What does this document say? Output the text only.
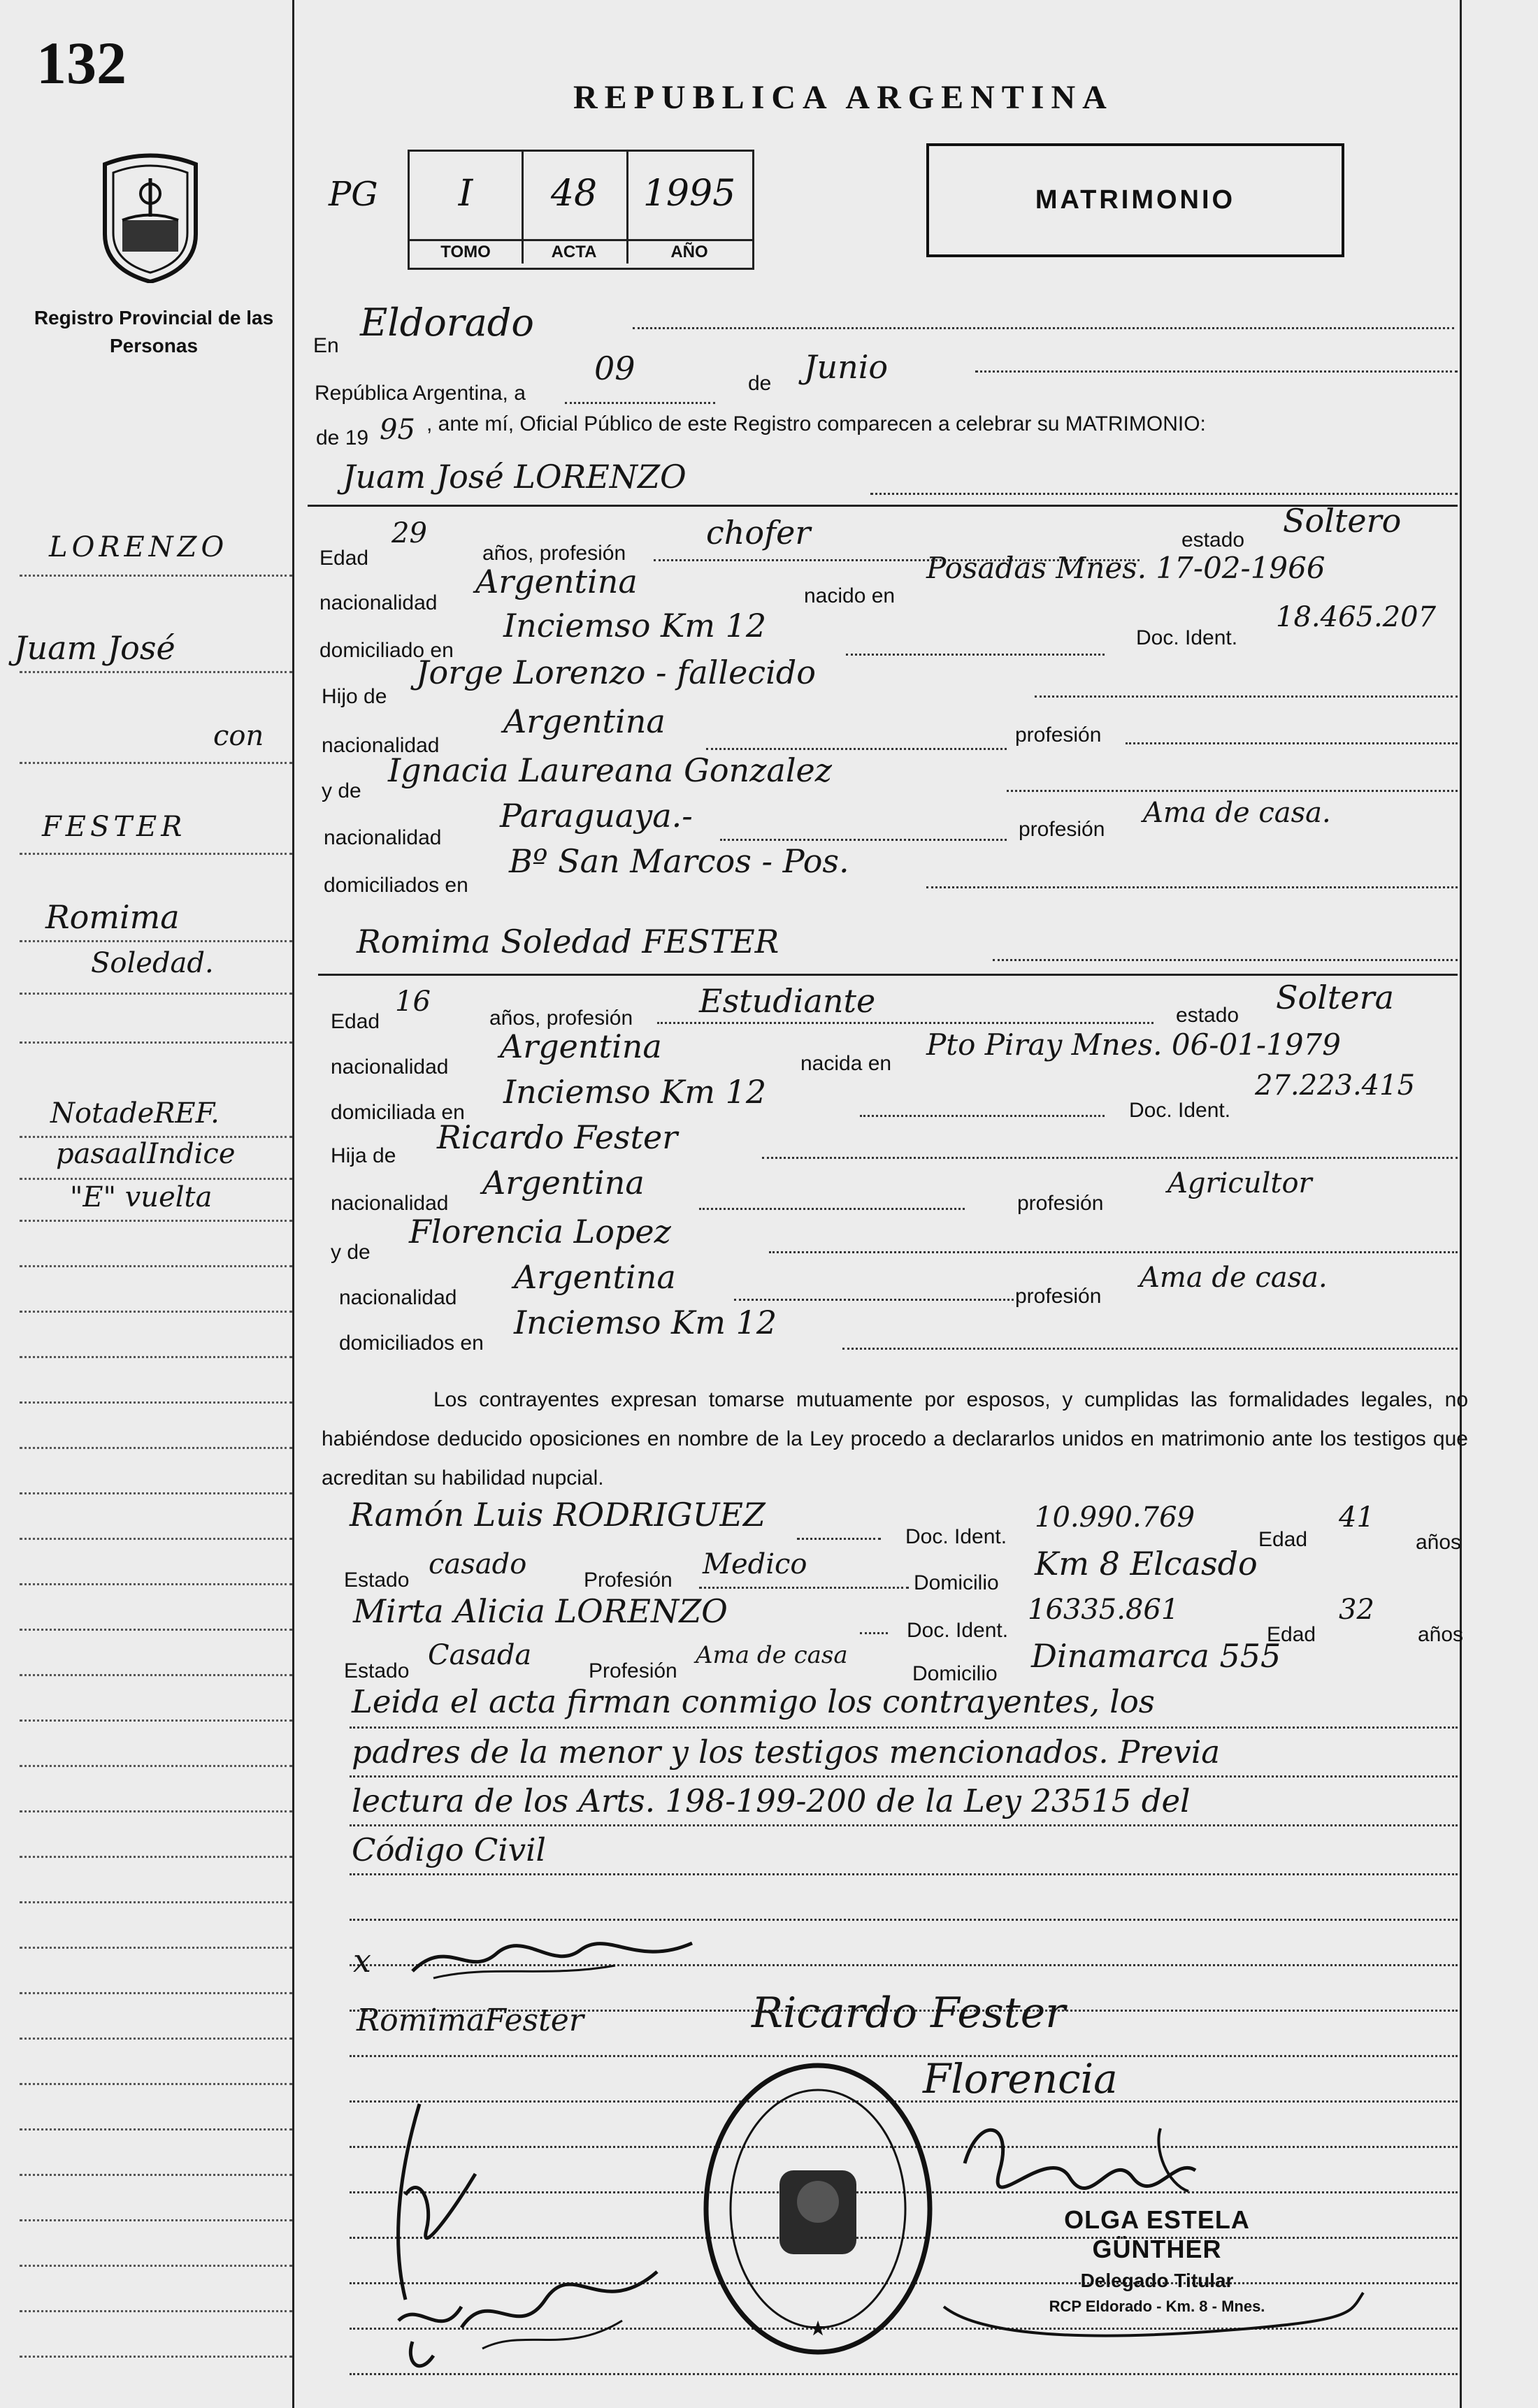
132
Registro Provincial de las Personas
REPUBLICA ARGENTINA
PG	I
TOMO
48
ACTA
1995
AÑO
MATRIMONIO
En
Eldorado
República Argentina, a
09	de Junio
de 19 95 , ante mí, Oficial Público de este Registro comparecen a celebrar su MATRIMONIO:
LORENZO
Juam José
con
FESTER
Romima
Soledad.
NotadeREF.
pasaalIndice
"E" vuelta
Juam José LORENZO
Edad
29
años, profesión
chofer	estado
Soltero
nacionalidad
Argentina	nacido en
Posadas Mnes. 17-02-1966
domiciliado en
Inciemso Km 12	Doc. Ident.
18.465.207
Hijo de
Jorge Lorenzo - fallecido
nacionalidad
Argentina	profesión
y de
Ignacia Laureana Gonzalez
nacionalidad
Paraguaya.-	profesión
Ama de casa.
domiciliados en
Bº San Marcos - Pos.
Romima Soledad FESTER
Edad
16
años, profesión Estudiante	estado Soltera
nacionalidad
Argentina	nacida en
Pto Piray Mnes. 06-01-1979
domiciliada en
Inciemso Km 12	Doc. Ident.
27.223.415
Hija de Ricardo Fester
nacionalidad
Argentina
profesión
Agricultor
y de
Florencia Lopez
nacionalidad
Argentina
profesión
Ama de casa.
domiciliados en
Inciemso Km 12
Los contrayentes expresan tomarse mutuamente por esposos, y cumplidas las formalidades legales, no habiéndose deducido oposiciones en nombre de la Ley procedo a declararlos unidos en matrimonio ante los testigos que acreditan su habilidad nupcial.
Ramón Luis RODRIGUEZ
Doc. Ident.
10.990.769
Edad
41
años
Estado casado	Profesión Medico
Domicilio
Km 8 Elcasdo
Mirta Alicia LORENZO
Doc. Ident.
16335.861
Edad
32
años
Estado Casada	Profesión
Ama de casa
Domicilio Dinamarca 555
Leida el acta firman conmigo los contrayentes, los
padres de la menor y los testigos mencionados. Previa
lectura de los Arts. 198-199-200 de la Ley 23515 del
Código Civil
x
RomimaFester	Ricardo Fester
Florencia
★
OLGA ESTELA GÜNTHER
Delegado Titular
RCP Eldorado - Km. 8 - Mnes.
